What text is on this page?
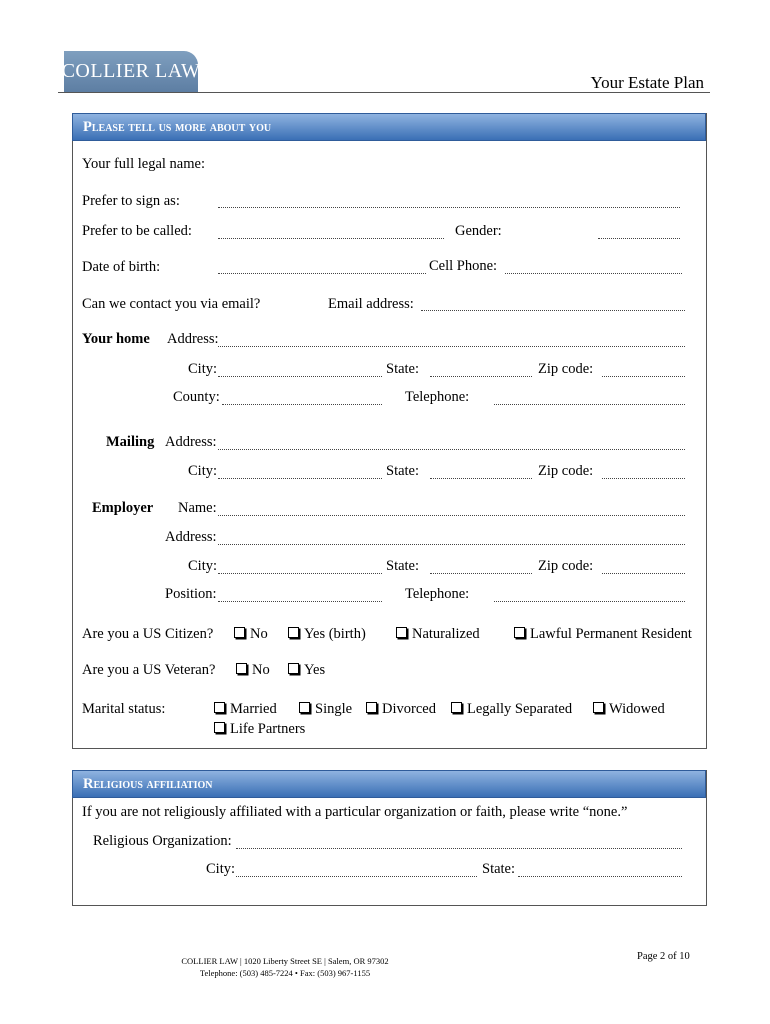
COLLIER LAW
Your Estate Plan
Please tell us more about you
Your full legal name:
Prefer to sign as:
Prefer to be called:	Gender:
Date of birth:	Cell Phone:
Can we contact you via email?	Email address:
Your home Address:
City:	State:	Zip code:
County:	Telephone:
Mailing Address:
City:	State:	Zip code:
Employer Name:
Address:
City:	State:	Zip code:
Position:	Telephone:
Are you a US Citizen?	No	Yes (birth)	Naturalized	Lawful Permanent Resident
Are you a US Veteran?	No	Yes
Marital status:	Married	Single	Divorced	Legally Separated	Widowed
Life Partners
Religious affiliation
If you are not religiously affiliated with a particular organization or faith, please write “none.”
Religious Organization:
City:	State:
COLLIER LAW | 1020 Liberty Street SE | Salem, OR 97302
Telephone: (503) 485-7224 • Fax: (503) 967-1155
Page 2 of 10
